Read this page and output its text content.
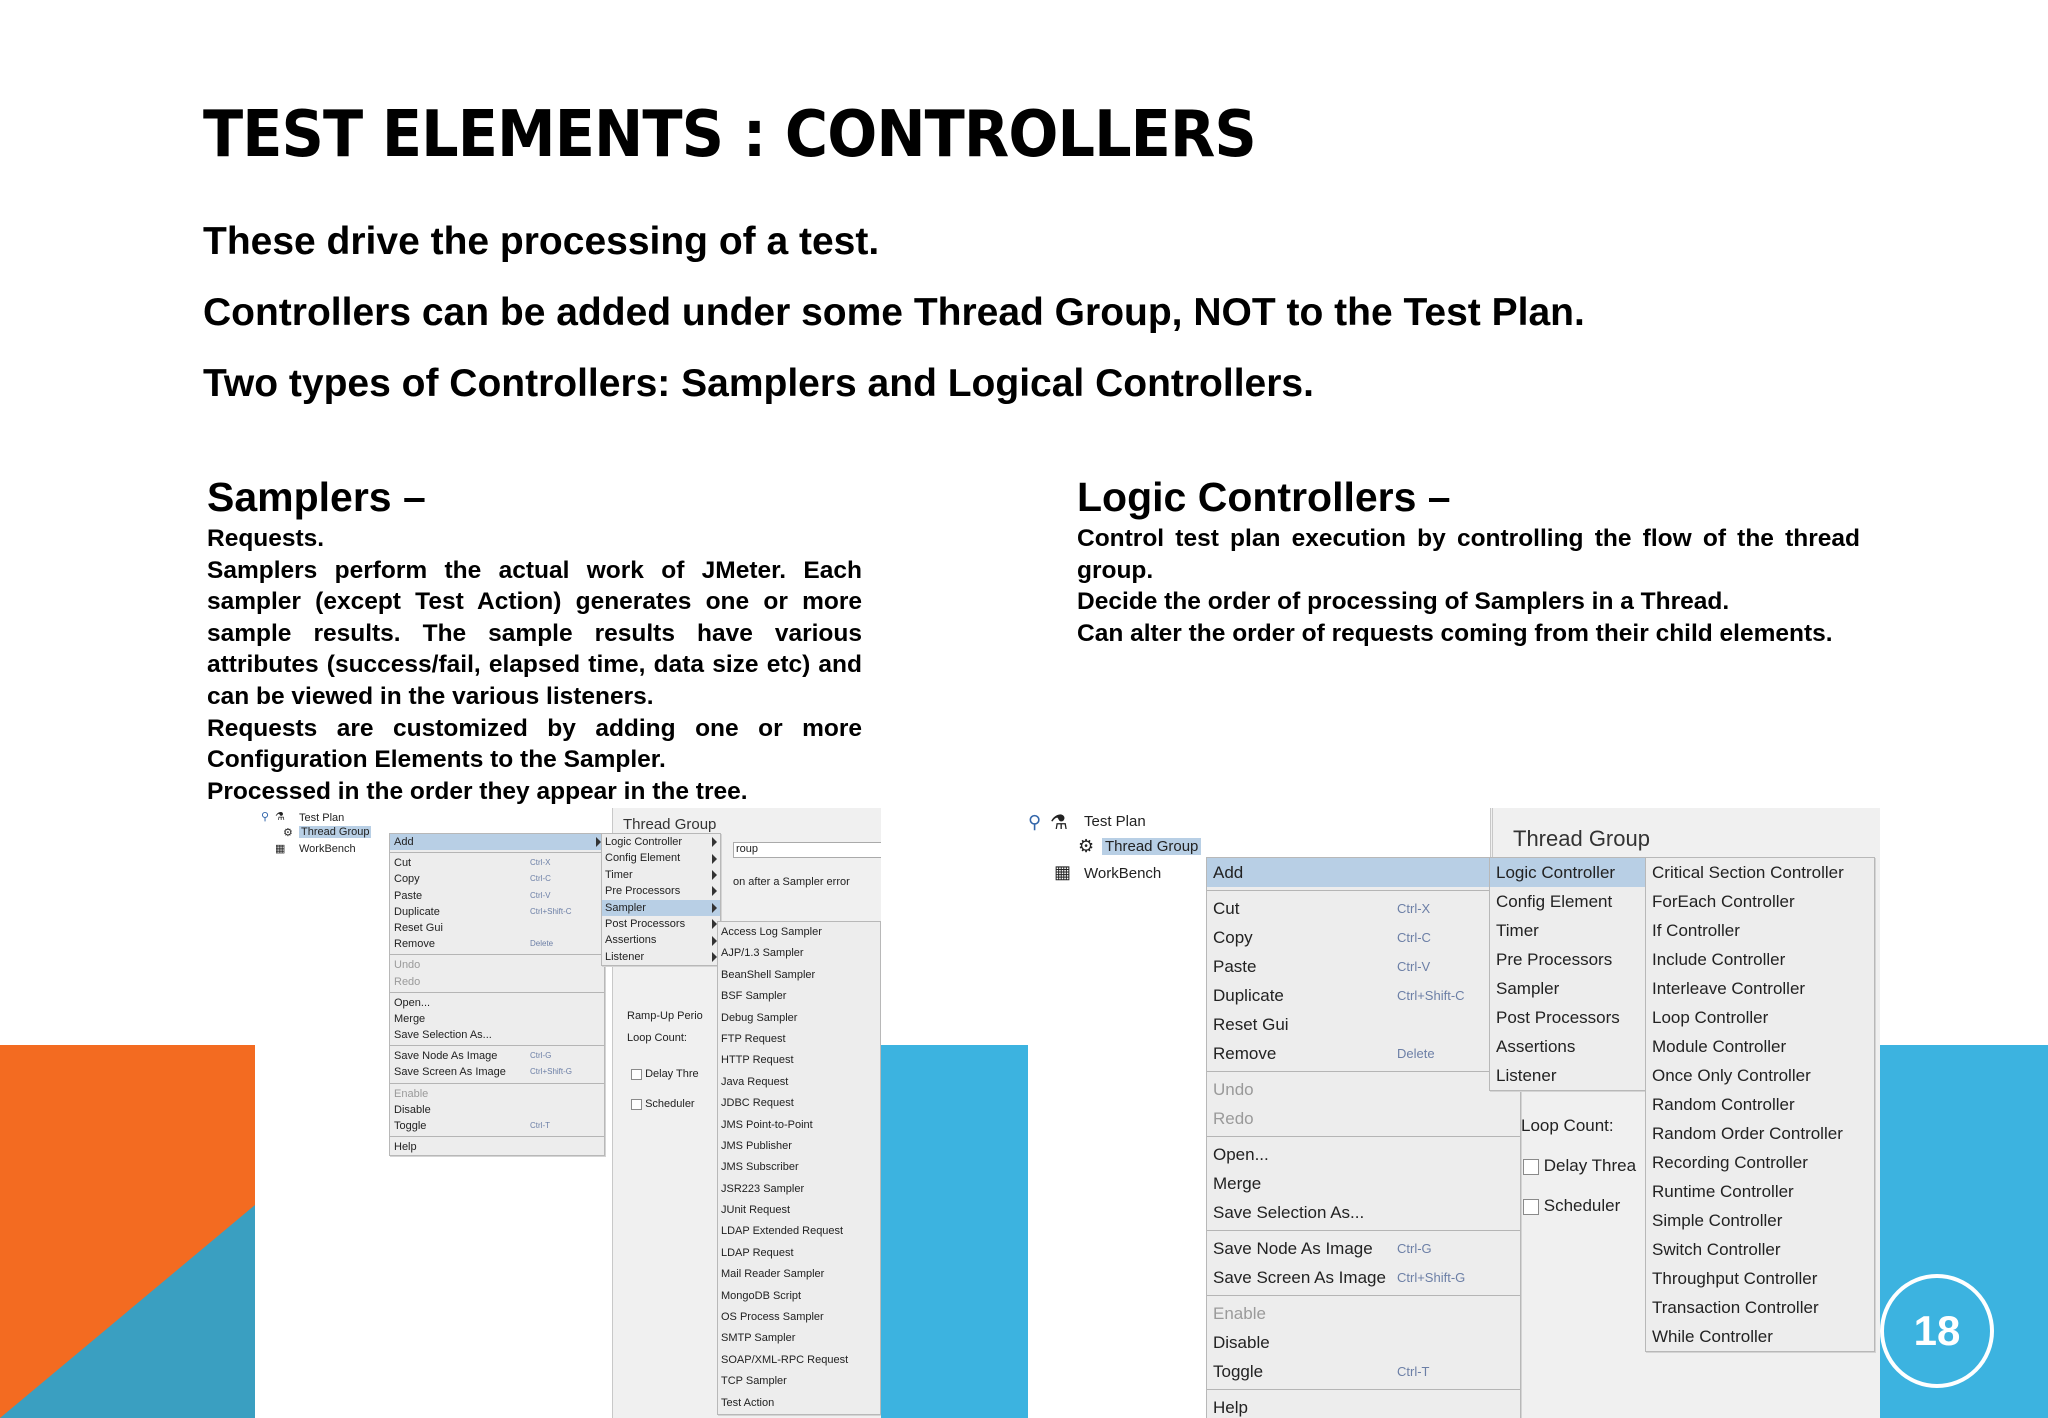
TEST ELEMENTS : CONTROLLERS
These drive the processing of a test.
Controllers can be added under some Thread Group, NOT to the Test Plan.
Two types of Controllers: Samplers and Logical Controllers.
Samplers –

Requests.

Samplers perform the actual work of JMeter. Each sampler (except Test Action) generates one or more sample results. The sample results have various attributes (success/fail, elapsed time, data size etc) and can be viewed in the various listeners.

Requests are customized by adding one or more Configuration Elements to the Sampler.

Processed in the order they appear in the tree.

Logic Controllers –

Control test plan execution by controlling the flow of the thread group.

Decide the order of processing of Samplers in a Thread.

Can alter the order of requests coming from their child elements.

⚲ ⚗ Test Plan
⚙ Thread Group
▦ WorkBench
Thread Group
roup
on after a Sampler error
Ramp-Up Perio
Loop Count:
Delay Thre
Scheduler
Add
Cut	Ctrl-X
Copy	Ctrl-C
Paste	Ctrl-V
Duplicate	Ctrl+Shift-C
Reset Gui
Remove	Delete
Undo
Redo
Open...
Merge
Save Selection As...
Save Node As Image	Ctrl-G
Save Screen As Image	Ctrl+Shift-G
Enable
Disable
Toggle	Ctrl-T
Help
Logic Controller
Config Element
Timer
Pre Processors
Sampler
Post Processors
Assertions
Listener
Access Log Sampler
AJP/1.3 Sampler
BeanShell Sampler
BSF Sampler
Debug Sampler
FTP Request
HTTP Request
Java Request
JDBC Request
JMS Point-to-Point
JMS Publisher
JMS Subscriber
JSR223 Sampler
JUnit Request
LDAP Extended Request
LDAP Request
Mail Reader Sampler
MongoDB Script
OS Process Sampler
SMTP Sampler
SOAP/XML-RPC Request
TCP Sampler
Test Action
⚲ ⚗ Test Plan
⚙ Thread Group
▦ WorkBench
Thread Group
Loop Count:
Delay Threa
Scheduler
Add
Cut	Ctrl-X
Copy	Ctrl-C
Paste	Ctrl-V
Duplicate	Ctrl+Shift-C
Reset Gui
Remove	Delete
Undo
Redo
Open...
Merge
Save Selection As...
Save Node As Image Ctrl-G
Save Screen As Image Ctrl+Shift-G
Enable
Disable
Toggle	Ctrl-T
Help
Logic Controller
Config Element
Timer
Pre Processors
Sampler
Post Processors
Assertions
Listener
Critical Section Controller
ForEach Controller
If Controller
Include Controller
Interleave Controller
Loop Controller
Module Controller
Once Only Controller
Random Controller
Random Order Controller
Recording Controller
Runtime Controller
Simple Controller
Switch Controller
Throughput Controller
Transaction Controller
While Controller	18
